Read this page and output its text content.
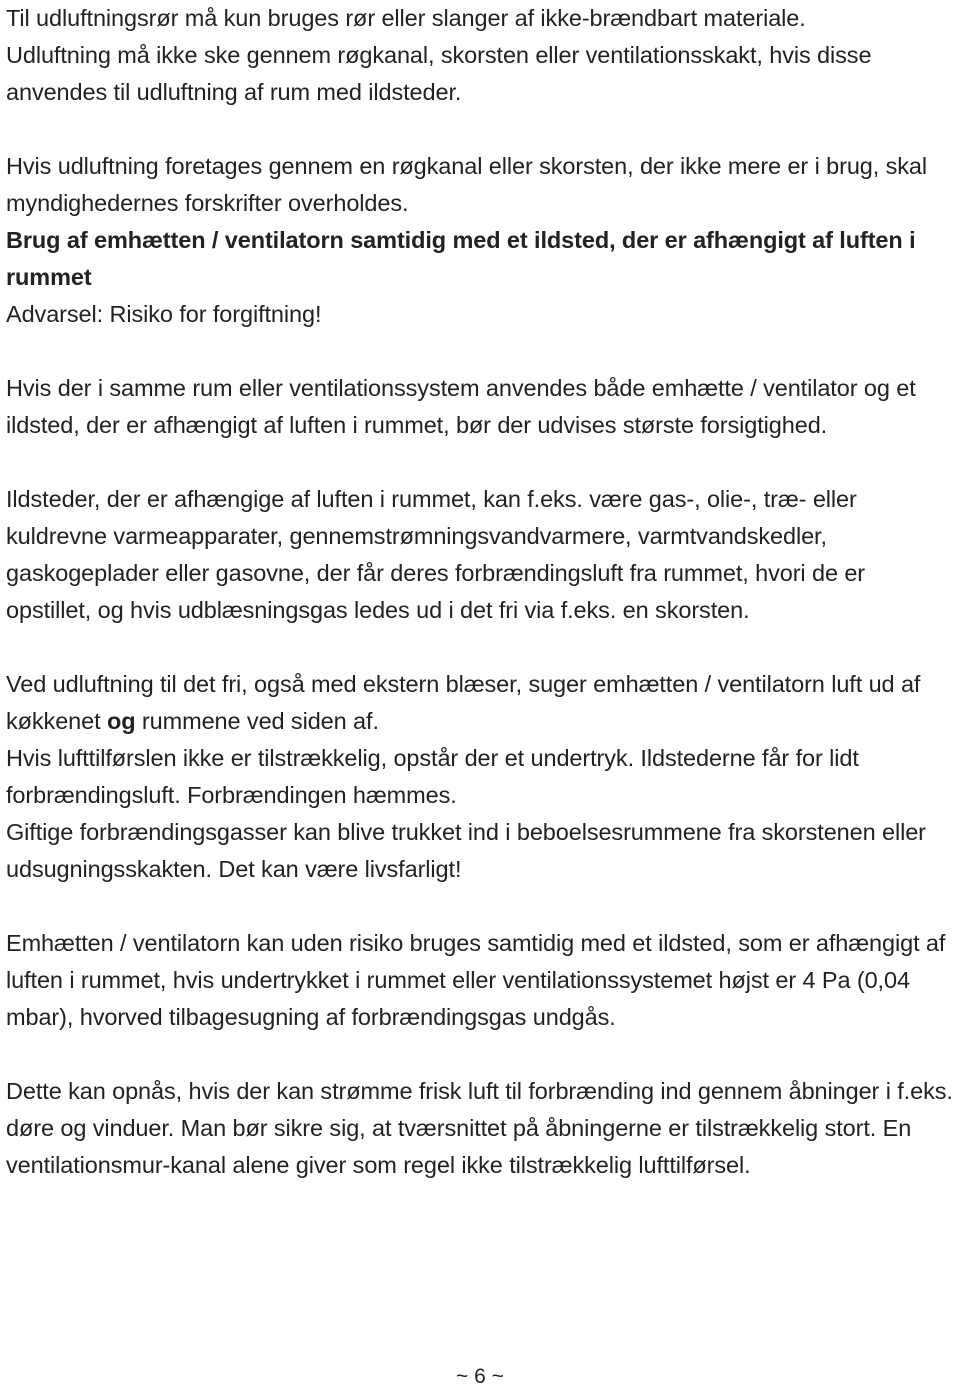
Til udluftningsrør må kun bruges rør eller slanger af ikke-brændbart materiale.

Udluftning må ikke ske gennem røgkanal, skorsten eller ventilationsskakt, hvis disse anvendes til udluftning af rum med ildsteder.

Hvis udluftning foretages gennem en røgkanal eller skorsten, der ikke mere er i brug, skal myndighedernes forskrifter overholdes.

Brug af emhætten / ventilatorn samtidig med et ildsted, der er afhængigt af luften i rummet

Advarsel: Risiko for forgiftning!

Hvis der i samme rum eller ventilationssystem anvendes både emhætte / ventilator og et ildsted, der er afhængigt af luften i rummet, bør der udvises største forsigtighed.

Ildsteder, der er afhængige af luften i rummet, kan f.eks. være gas-, olie-, træ- eller kuldrevne varmeapparater, gennemstrømningsvandvarmere, varmtvandskedler, gaskogeplader eller gasovne, der får deres forbrændingsluft fra rummet, hvori de er opstillet, og hvis udblæsningsgas ledes ud i det fri via f.eks. en skorsten.

Ved udluftning til det fri, også med ekstern blæser, suger emhætten / ventilatorn luft ud af køkkenet og rummene ved siden af.

Hvis lufttilførslen ikke er tilstrækkelig, opstår der et undertryk. Ildstederne får for lidt forbrændingsluft. Forbrændingen hæmmes.

Giftige forbrændingsgasser kan blive trukket ind i beboelsesrummene fra skorstenen eller udsugningsskakten. Det kan være livsfarligt!

Emhætten / ventilatorn kan uden risiko bruges samtidig med et ildsted, som er afhængigt af luften i rummet, hvis undertrykket i rummet eller ventilationssystemet højst er 4 Pa (0,04 mbar), hvorved tilbagesugning af forbrændingsgas undgås.

Dette kan opnås, hvis der kan strømme frisk luft til forbrænding ind gennem åbninger i f.eks. døre og vinduer. Man bør sikre sig, at tværsnittet på åbningerne er tilstrækkelig stort. En ventilationsmur-kanal alene giver som regel ikke tilstrækkelig lufttilførsel.

~ 6 ~
